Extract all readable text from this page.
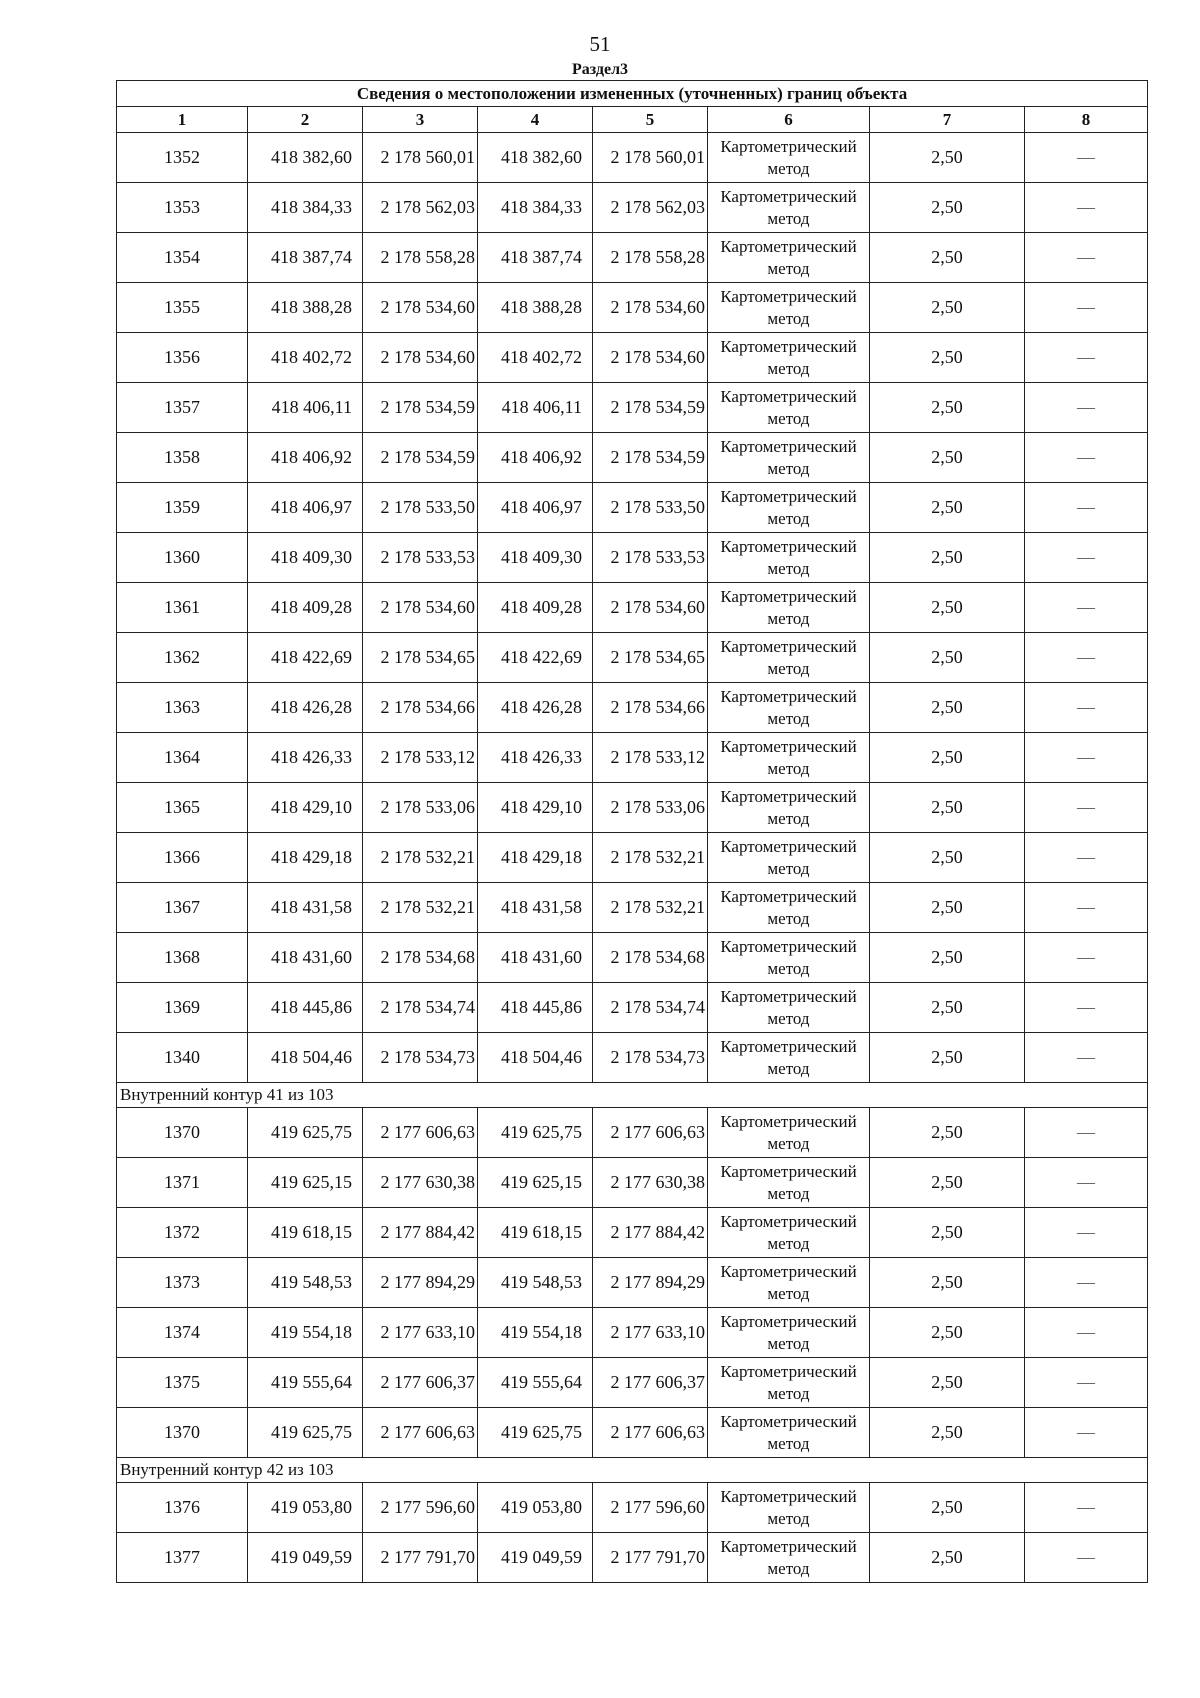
51
Раздел3
Сведения о местоположении измененных (уточненных) границ объекта							
1	2	3	4	5	6	7	8
1352	418 382,60	2 178 560,01	418 382,60	2 178 560,01	Картометрический метод	2,50	—
1353	418 384,33	2 178 562,03	418 384,33	2 178 562,03	Картометрический метод	2,50	—
1354	418 387,74	2 178 558,28	418 387,74	2 178 558,28	Картометрический метод	2,50	—
1355	418 388,28	2 178 534,60	418 388,28	2 178 534,60	Картометрический метод	2,50	—
1356	418 402,72	2 178 534,60	418 402,72	2 178 534,60	Картометрический метод	2,50	—
1357	418 406,11	2 178 534,59	418 406,11	2 178 534,59	Картометрический метод	2,50	—
1358	418 406,92	2 178 534,59	418 406,92	2 178 534,59	Картометрический метод	2,50	—
1359	418 406,97	2 178 533,50	418 406,97	2 178 533,50	Картометрический метод	2,50	—
1360	418 409,30	2 178 533,53	418 409,30	2 178 533,53	Картометрический метод	2,50	—
1361	418 409,28	2 178 534,60	418 409,28	2 178 534,60	Картометрический метод	2,50	—
1362	418 422,69	2 178 534,65	418 422,69	2 178 534,65	Картометрический метод	2,50	—
1363	418 426,28	2 178 534,66	418 426,28	2 178 534,66	Картометрический метод	2,50	—
1364	418 426,33	2 178 533,12	418 426,33	2 178 533,12	Картометрический метод	2,50	—
1365	418 429,10	2 178 533,06	418 429,10	2 178 533,06	Картометрический метод	2,50	—
1366	418 429,18	2 178 532,21	418 429,18	2 178 532,21	Картометрический метод	2,50	—
1367	418 431,58	2 178 532,21	418 431,58	2 178 532,21	Картометрический метод	2,50	—
1368	418 431,60	2 178 534,68	418 431,60	2 178 534,68	Картометрический метод	2,50	—
1369	418 445,86	2 178 534,74	418 445,86	2 178 534,74	Картометрический метод	2,50	—
1340	418 504,46	2 178 534,73	418 504,46	2 178 534,73	Картометрический метод	2,50	—
Внутренний контур 41 из 103							
1370	419 625,75	2 177 606,63	419 625,75	2 177 606,63	Картометрический метод	2,50	—
1371	419 625,15	2 177 630,38	419 625,15	2 177 630,38	Картометрический метод	2,50	—
1372	419 618,15	2 177 884,42	419 618,15	2 177 884,42	Картометрический метод	2,50	—
1373	419 548,53	2 177 894,29	419 548,53	2 177 894,29	Картометрический метод	2,50	—
1374	419 554,18	2 177 633,10	419 554,18	2 177 633,10	Картометрический метод	2,50	—
1375	419 555,64	2 177 606,37	419 555,64	2 177 606,37	Картометрический метод	2,50	—
1370	419 625,75	2 177 606,63	419 625,75	2 177 606,63	Картометрический метод	2,50	—
Внутренний контур 42 из 103							
1376	419 053,80	2 177 596,60	419 053,80	2 177 596,60	Картометрический метод	2,50	—
1377	419 049,59	2 177 791,70	419 049,59	2 177 791,70	Картометрический метод	2,50	—
